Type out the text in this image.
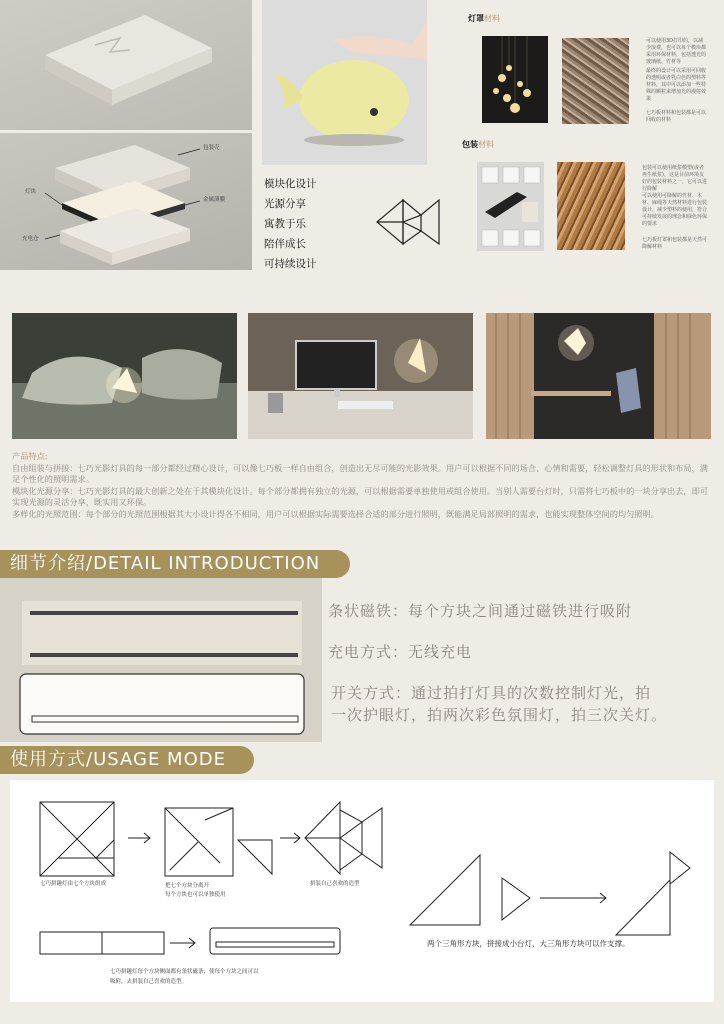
包装壳
灯块
金属薄膜
充电仓
模块化设计
光源分享
寓教于乐
陪伴成长
可持续设计
灯罩材料
可以使用3D打印的，以减少浪费，也可以每个模块都采用环保材料，包括透光的玻璃纸、竹材等
最终的设计可以采用可回收的透明或者乳白色的塑料等材料，其中可以添加一些特殊的颗粒来增加光的漫射效果
七巧板材料和包装都是可以回收的材料
包装材料
包装可以使用纸浆模塑(或者再生纸浆)，这是目前环境友好的包装材料之一，它可以进行降解
可以使用可降解的竹材、木材、麻绳等天然材料进行包装设计，减少塑料的使用，符合可持续发展的理念和绿色环保的要求
七巧板灯罩和包装都是天然可降解材料
产品特点:
自由组装与拼接：七巧光影灯具的每一部分都经过精心设计，可以像七巧板一样自由组合，创造出无尽可能的光影效果。用户可以根据不同的场合、心情和需要，轻松调整灯具的形状和布局，满足个性化的照明需求。
模块化光源分享：七巧光影灯具的最大创新之处在于其模块化设计。每个部分都拥有独立的光源，可以根据需要单独使用或组合使用。当别人需要台灯时，只需将七巧板中的一块分享出去，即可实现光源的灵活分享，既实用又环保。
多样化的光照范围：每个部分的光照范围根据其大小设计得各不相同，用户可以根据实际需要选择合适的部分进行照明，既能满足局部照明的需求，也能实现整体空间的均匀照明。
细节介绍/DETAIL INTRODUCTION
条状磁铁：每个方块之间通过磁铁进行吸附
充电方式：无线充电
开关方式：通过拍打灯具的次数控制灯光，拍
一次护眼灯，拍两次彩色氛围灯，拍三次关灯。
使用方式/USAGE MODE
七巧拼趣灯由七个方块组成	把七个方块分离开
每个方块也可以单独使用
拼装自己喜欢的造型
两个三角形方块，拼接成小台灯，大三角形方块可以作支撑。
七巧拼趣灯每个方块侧面都有条状磁条，使每个方块之间可以
吸附，去拼装自己喜欢的造型。
